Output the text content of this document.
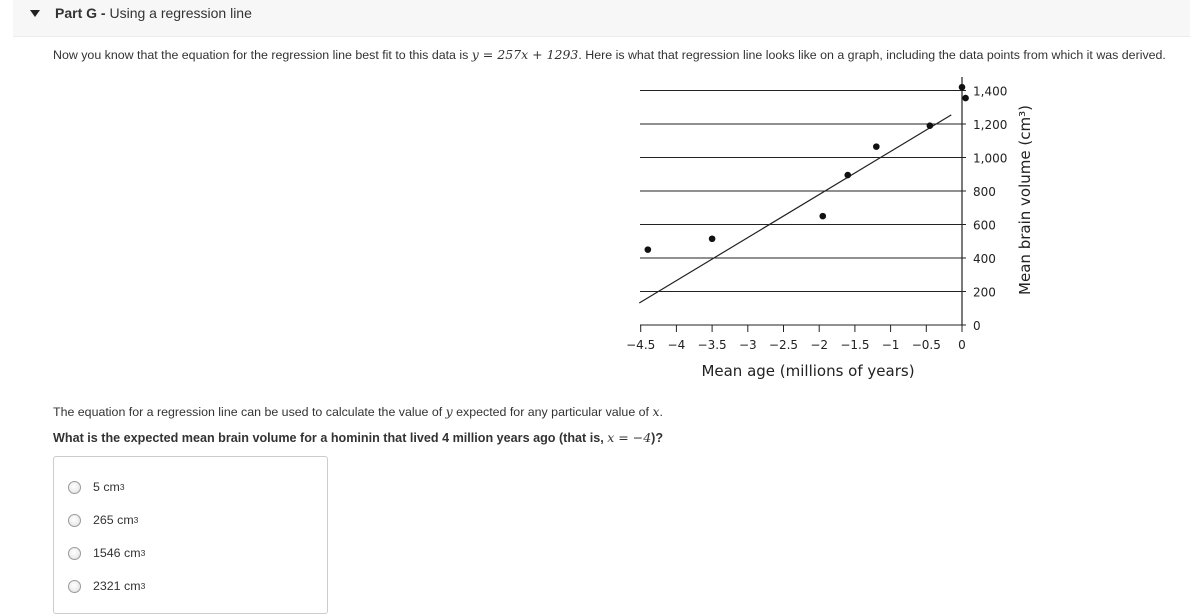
Part G - Using a regression line
Now you know that the equation for the regression line best fit to this data is y = 257x + 1293. Here is what that regression line looks like on a graph, including the data points from which it was derived.
0
200
400
600
800
1,000
1,200
1,400
−4.5 −4 −3.5 −3 −2.5 −2 −1.5 −1 −0.5 0
Mean age (millions of years)
Mean brain volume (cm³)
The equation for a regression line can be used to calculate the value of y expected for any particular value of x.
What is the expected mean brain volume for a hominin that lived 4 million years ago (that is, x = −4)?
5
cm 3
265
cm 3
1546
cm 3
2321
cm 3
